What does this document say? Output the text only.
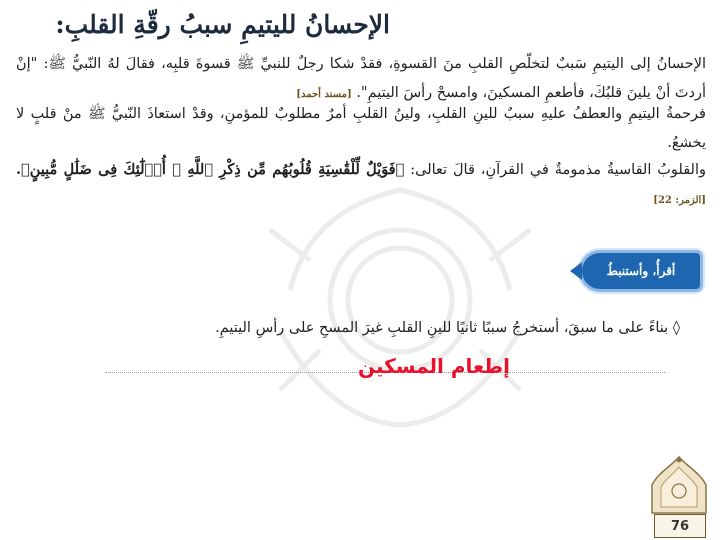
الإحسانُ لليتيمِ سببُ رقّةِ القلبِ:
الإحسانُ إلى اليتيمِ سَببٌ لتخلّصِ القلبِ منَ القسوةِ، فقدْ شكا رجلٌ للنبيِّ ﷺ قسوةَ قلبِه، فقالَ لهُ النّبيُّ ﷺ: "إنْ أردتَ أنْ يلينَ قلبُكَ، فأطعمِ المسكينَ، وامسحْ رأسَ اليتيمِ". [مسند أحمد]
فرحمةُ اليتيمِ والعطفُ عليهِ سببٌ للينِ القلبِ، ولينُ القلبِ أمرٌ مطلوبٌ للمؤمنِ، وقدْ استعاذَ النّبيُّ ﷺ منْ قلبٍ لا يخشعُ.
والقلوبُ القاسيةُ مذمومةٌ في القرآنِ، قالَ تعالى: ﴿فَوَيْلٌ لِّلْقَٰسِيَةِ قُلُوبُهُم مِّن ذِكْرِ ٱللَّهِ ۚ أُو۟لَٰٓئِكَ فِى ضَلَٰلٍ مُّبِينٍ﴾. [الزمر: 22]
أقرأُ، وأستنبطُ
◊ بناءً على ما سبقَ، أستخرجُ سببًا ثانيًا للينِ القلبِ غيرَ المسحِ على رأسِ اليتيمِ.
إطعام المسكين
76
